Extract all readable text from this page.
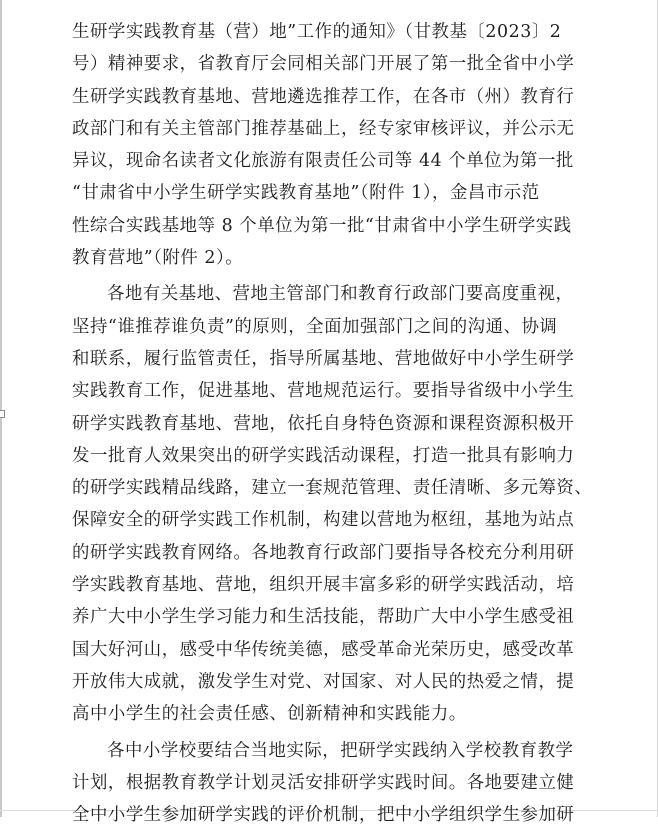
生研学实践教育基（营）地”工作的通知》（甘教基〔2023〕2
号）精神要求，省教育厅会同相关部门开展了第一批全省中小学
生研学实践教育基地、营地遴选推荐工作，在各市（州）教育行
政部门和有关主管部门推荐基础上，经专家审核评议，并公示无
异议，现命名读者文化旅游有限责任公司等 44 个单位为第一批
“甘肃省中小学生研学实践教育基地”（附件 1），金昌市示范
性综合实践基地等 8 个单位为第一批“甘肃省中小学生研学实践
教育营地”（附件 2）。

各地有关基地、营地主管部门和教育行政部门要高度重视，
坚持“谁推荐谁负责”的原则，全面加强部门之间的沟通、协调
和联系，履行监管责任，指导所属基地、营地做好中小学生研学
实践教育工作，促进基地、营地规范运行。要指导省级中小学生
研学实践教育基地、营地，依托自身特色资源和课程资源积极开
发一批育人效果突出的研学实践活动课程，打造一批具有影响力
的研学实践精品线路，建立一套规范管理、责任清晰、多元筹资、
保障安全的研学实践工作机制，构建以营地为枢纽，基地为站点
的研学实践教育网络。各地教育行政部门要指导各校充分利用研
学实践教育基地、营地，组织开展丰富多彩的研学实践活动，培
养广大中小学生学习能力和生活技能，帮助广大中小学生感受祖
国大好河山，感受中华传统美德，感受革命光荣历史，感受改革
开放伟大成就，激发学生对党、对国家、对人民的热爱之情，提
高中小学生的社会责任感、创新精神和实践能力。

各中小学校要结合当地实际，把研学实践纳入学校教育教学
计划，根据教育教学计划灵活安排研学实践时间。各地要建立健
全中小学生参加研学实践的评价机制，把中小学组织学生参加研
